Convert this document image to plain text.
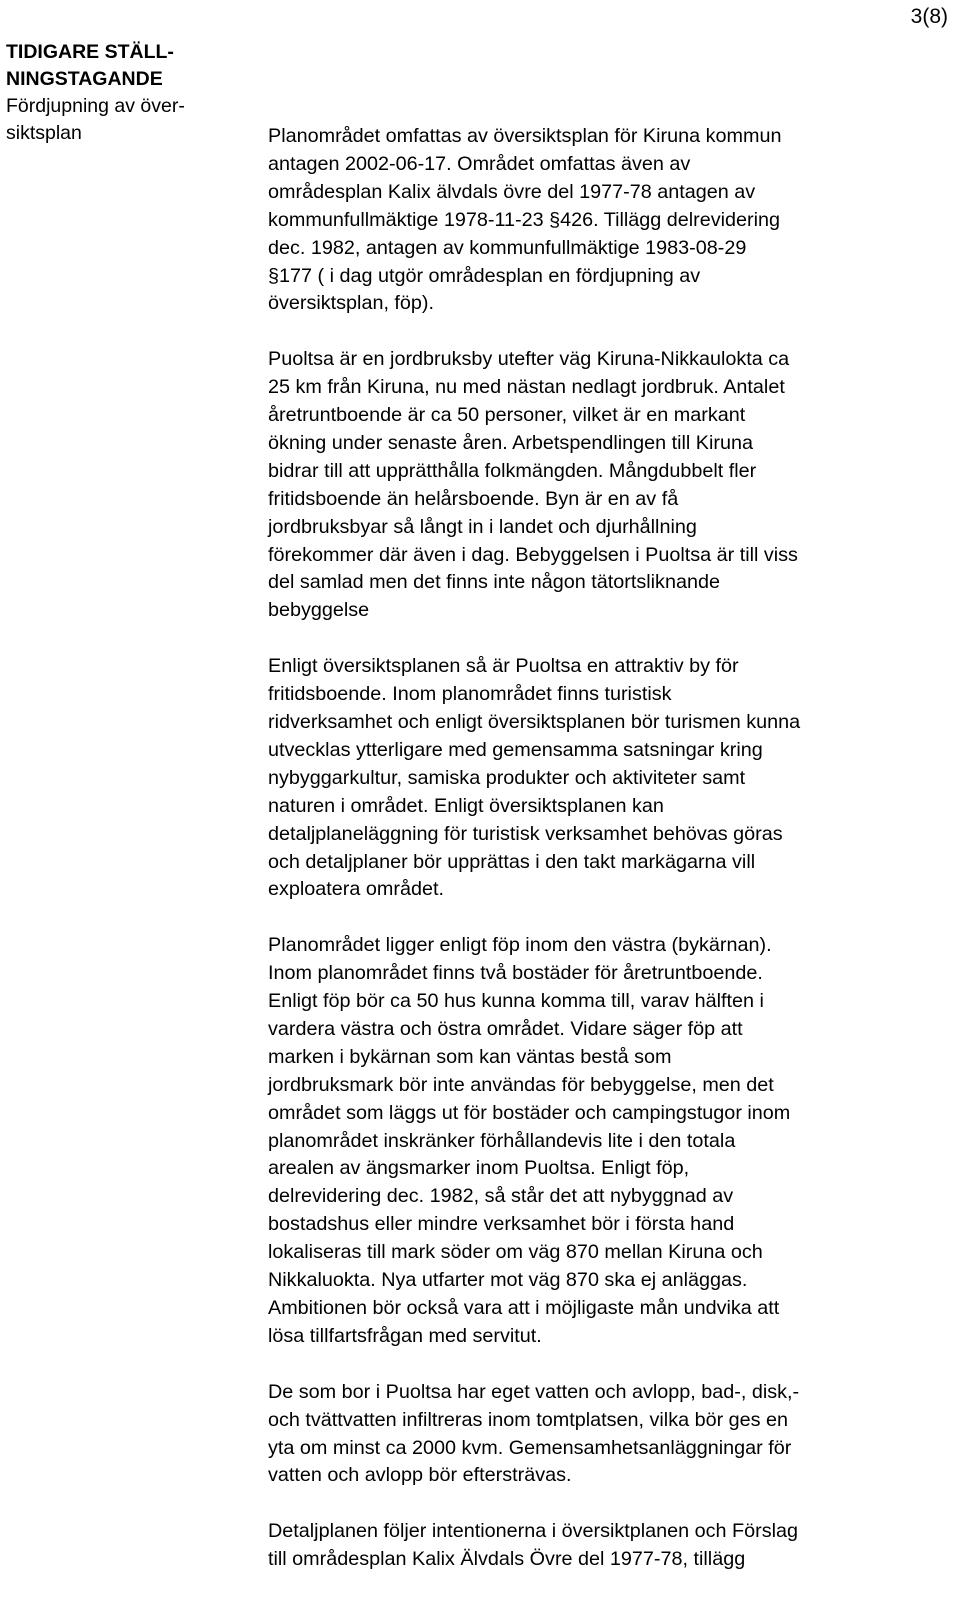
3(8)
TIDIGARE STÄLL-
NINGSTAGANDE
Fördjupning av över-
siktsplan	Planområdet omfattas av översiktsplan för Kiruna kommun
antagen 2002-06-17. Området omfattas även av
områdesplan Kalix älvdals övre del 1977-78 antagen av
kommunfullmäktige 1978-11-23 §426. Tillägg delrevidering
dec. 1982, antagen av kommunfullmäktige 1983-08-29
§177 ( i dag utgör områdesplan en fördjupning av
översiktsplan, föp).

Puoltsa är en jordbruksby utefter väg Kiruna-Nikkaulokta ca
25 km från Kiruna, nu med nästan nedlagt jordbruk. Antalet
åretruntboende är ca 50 personer, vilket är en markant
ökning under senaste åren. Arbetspendlingen till Kiruna
bidrar till att upprätthålla folkmängden. Mångdubbelt fler
fritidsboende än helårsboende. Byn är en av få
jordbruksbyar så långt in i landet och djurhållning
förekommer där även i dag. Bebyggelsen i Puoltsa är till viss
del samlad men det finns inte någon tätortsliknande
bebyggelse

Enligt översiktsplanen så är Puoltsa en attraktiv by för
fritidsboende. Inom planområdet finns turistisk
ridverksamhet och enligt översiktsplanen bör turismen kunna
utvecklas ytterligare med gemensamma satsningar kring
nybyggarkultur, samiska produkter och aktiviteter samt
naturen i området. Enligt översiktsplanen kan
detaljplaneläggning för turistisk verksamhet behövas göras
och detaljplaner bör upprättas i den takt markägarna vill
exploatera området.

Planområdet ligger enligt föp inom den västra (bykärnan).
Inom planområdet finns två bostäder för åretruntboende.
Enligt föp bör ca 50 hus kunna komma till, varav hälften i
vardera västra och östra området. Vidare säger föp att
marken i bykärnan som kan väntas bestå som
jordbruksmark bör inte användas för bebyggelse, men det
området som läggs ut för bostäder och campingstugor inom
planområdet inskränker förhållandevis lite i den totala
arealen av ängsmarker inom Puoltsa. Enligt föp,
delrevidering dec. 1982, så står det att nybyggnad av
bostadshus eller mindre verksamhet bör i första hand
lokaliseras till mark söder om väg 870 mellan Kiruna och
Nikkaluokta. Nya utfarter mot väg 870 ska ej anläggas.
Ambitionen bör också vara att i möjligaste mån undvika att
lösa tillfartsfrågan med servitut.

De som bor i Puoltsa har eget vatten och avlopp, bad-, disk,-
och tvättvatten infiltreras inom tomtplatsen, vilka bör ges en
yta om minst ca 2000 kvm. Gemensamhetsanläggningar för
vatten och avlopp bör eftersträvas.

Detaljplanen följer intentionerna i översiktplanen och Förslag
till områdesplan Kalix Älvdals Övre del 1977-78, tillägg
